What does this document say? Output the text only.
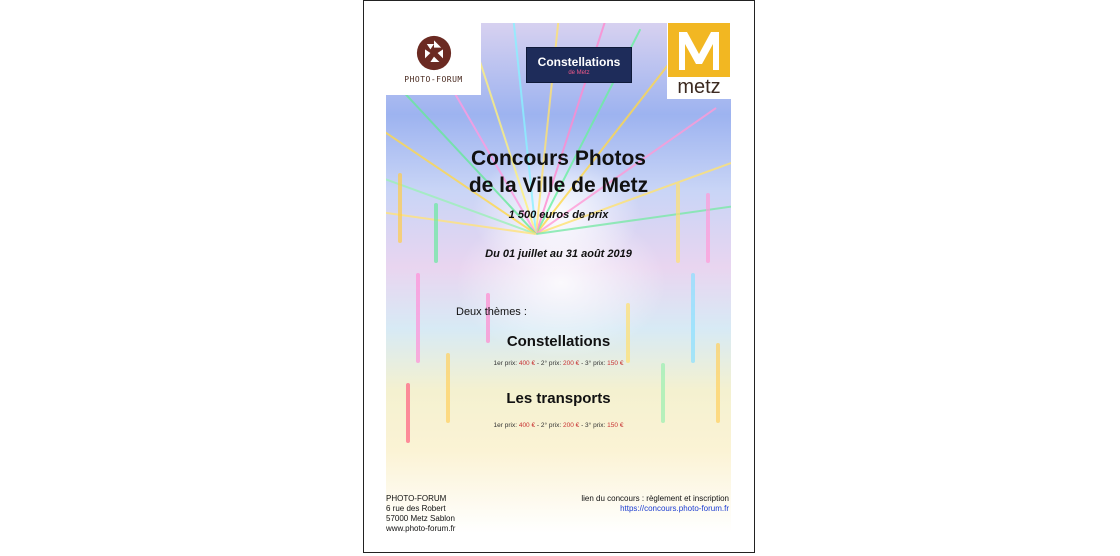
PHOTO-FORUM
Constellations
de Metz
metz
Concours Photos
de la Ville de Metz
1 500 euros de prix
Du 01 juillet au 31 août 2019
Deux thèmes :
Constellations
1er prix: 400 € - 2° prix: 200 € - 3° prix: 150 €
Les transports
1er prix: 400 € - 2° prix: 200 € - 3° prix: 150 €
PHOTO-FORUM
6 rue des Robert
57000 Metz Sablon
www.photo-forum.fr
lien du concours : règlement et inscription
https://concours.photo-forum.fr
